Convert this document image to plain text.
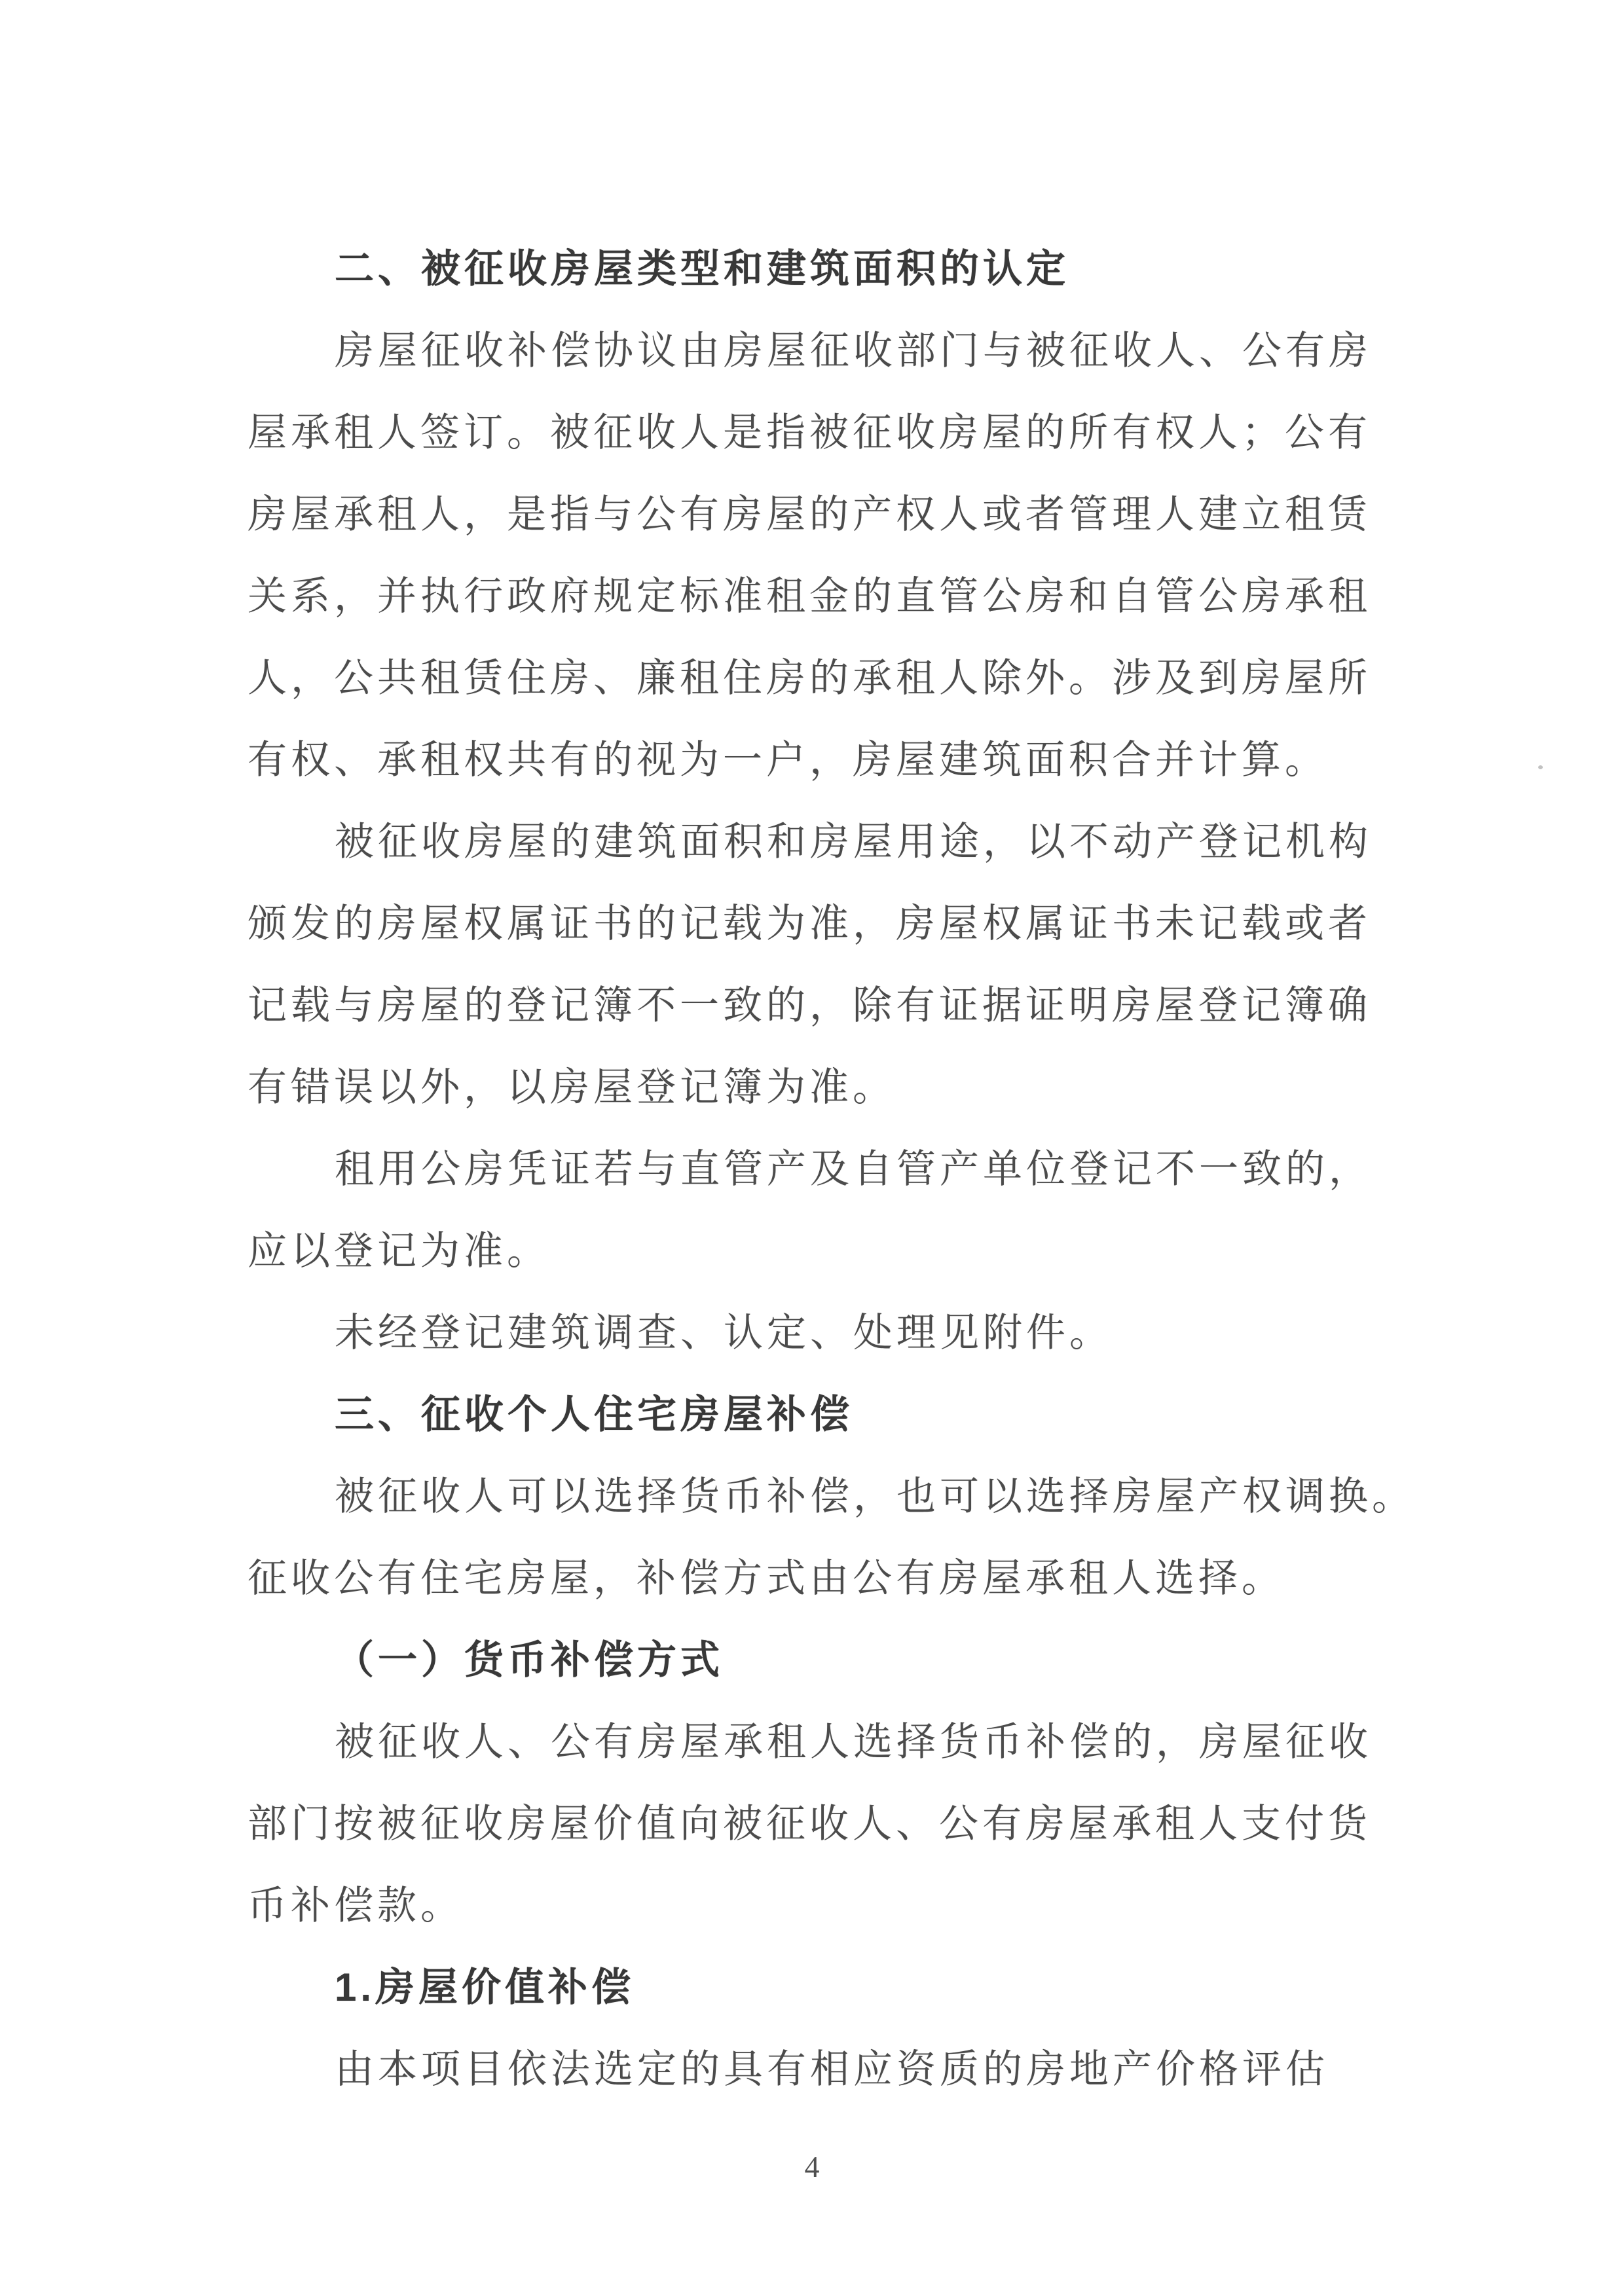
二、被征收房屋类型和建筑面积的认定
房屋征收补偿协议由房屋征收部门与被征收人、公有房
屋承租人签订。被征收人是指被征收房屋的所有权人；公有
房屋承租人，是指与公有房屋的产权人或者管理人建立租赁
关系，并执行政府规定标准租金的直管公房和自管公房承租
人，公共租赁住房、廉租住房的承租人除外。涉及到房屋所
有权、承租权共有的视为一户，房屋建筑面积合并计算。
被征收房屋的建筑面积和房屋用途，以不动产登记机构
颁发的房屋权属证书的记载为准，房屋权属证书未记载或者
记载与房屋的登记簿不一致的，除有证据证明房屋登记簿确
有错误以外，以房屋登记簿为准。
租用公房凭证若与直管产及自管产单位登记不一致的，
应以登记为准。
未经登记建筑调查、认定、处理见附件。
三、征收个人住宅房屋补偿
被征收人可以选择货币补偿，也可以选择房屋产权调换。
征收公有住宅房屋，补偿方式由公有房屋承租人选择。
（一）货币补偿方式
被征收人、公有房屋承租人选择货币补偿的，房屋征收
部门按被征收房屋价值向被征收人、公有房屋承租人支付货
币补偿款。
1.房屋价值补偿
由本项目依法选定的具有相应资质的房地产价格评估
4
